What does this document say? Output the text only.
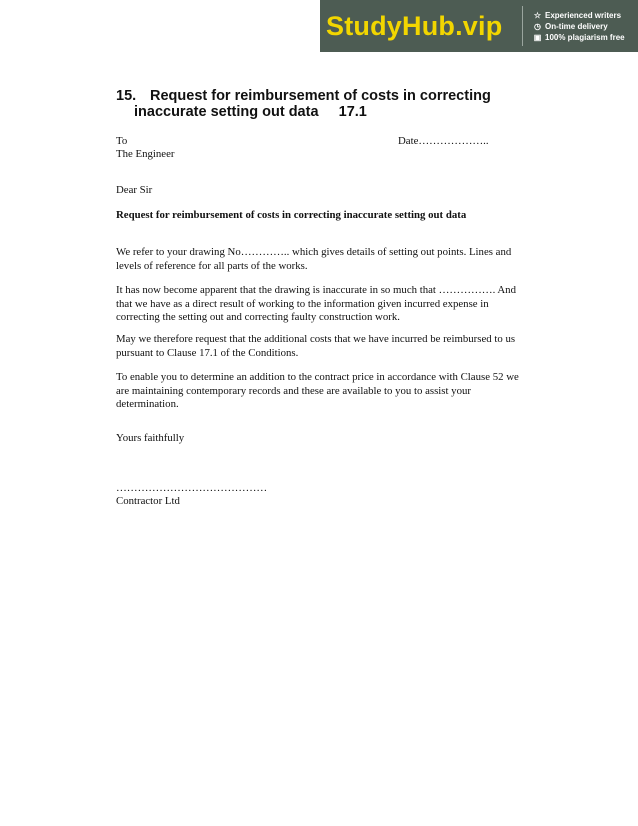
StudyHub.vip	☆ Experienced writers
◷ On-time delivery
▣ 100% plagiarism free
15. Request for reimbursement of costs in correcting
inaccurate setting out data     17.1
To	Date………………..
The Engineer
Dear Sir
Request for reimbursement of costs in correcting inaccurate setting out data
We refer to your drawing No………….. which gives details of setting out points. Lines and levels of reference for all parts of the works.
It has now become apparent that the drawing is inaccurate in so much that ……………. And that we have as a direct result of working to the information given incurred expense in correcting the setting out and correcting faulty construction work.
May we therefore request that the additional costs that we have incurred be reimbursed to us pursuant to Clause 17.1 of the Conditions.
To enable you to determine an addition to the contract price in accordance with Clause 52 we are maintaining contemporary records and these are available to you to assist your determination.
Yours faithfully
……………………………………
Contractor Ltd
